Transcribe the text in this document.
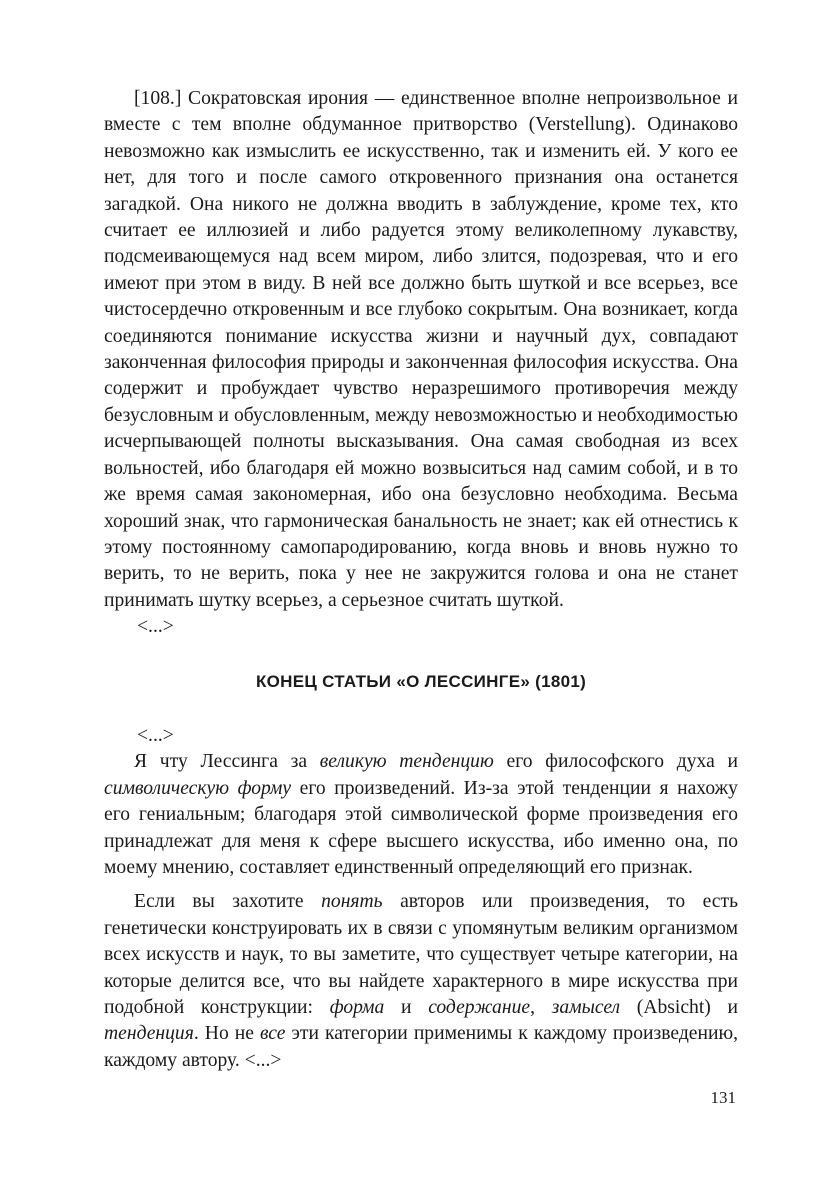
[108.] Сократовская ирония — единственное вполне непроизвольное и вместе с тем вполне обдуманное притворство (Verstellung). Одинаково невозможно как измыслить ее искусственно, так и изменить ей. У кого ее нет, для того и после самого откровенного признания она останется загадкой. Она никого не должна вводить в заблуждение, кроме тех, кто считает ее иллюзией и либо радуется этому великолепному лукавству, подсмеивающемуся над всем миром, либо злится, подозревая, что и его имеют при этом в виду. В ней все должно быть шуткой и все всерьез, все чистосердечно откровенным и все глубоко сокрытым. Она возникает, когда соединяются понимание искусства жизни и научный дух, совпадают законченная философия природы и законченная философия искусства. Она содержит и пробуждает чувство неразрешимого противоречия между безусловным и обусловленным, между невозможностью и необходимостью исчерпывающей полноты высказывания. Она самая свободная из всех вольностей, ибо благодаря ей можно возвыситься над самим собой, и в то же время самая закономерная, ибо она безусловно необходима. Весьма хороший знак, что гармоническая банальность не знает; как ей отнестись к этому постоянному самопародированию, когда вновь и вновь нужно то верить, то не верить, пока у нее не закружится голова и она не станет принимать шутку всерьез, а серьезное считать шуткой.

<...>

КОНЕЦ СТАТЬИ «О ЛЕССИНГЕ» (1801)

<...>

Я чту Лессинга за великую тенденцию его философского духа и символическую форму его произведений. Из-за этой тенденции я нахожу его гениальным; благодаря этой символической форме произведения его принадлежат для меня к сфере высшего искусства, ибо именно она, по моему мнению, составляет единственный определяющий его признак.

Если вы захотите понять авторов или произведения, то есть генетически конструировать их в связи с упомянутым великим организмом всех искусств и наук, то вы заметите, что существует четыре категории, на которые делится все, что вы найдете характерного в мире искусства при подобной конструкции: форма и содержание, замысел (Absicht) и тенденция. Но не все эти категории применимы к каждому произведению, каждому автору. <...>

131
